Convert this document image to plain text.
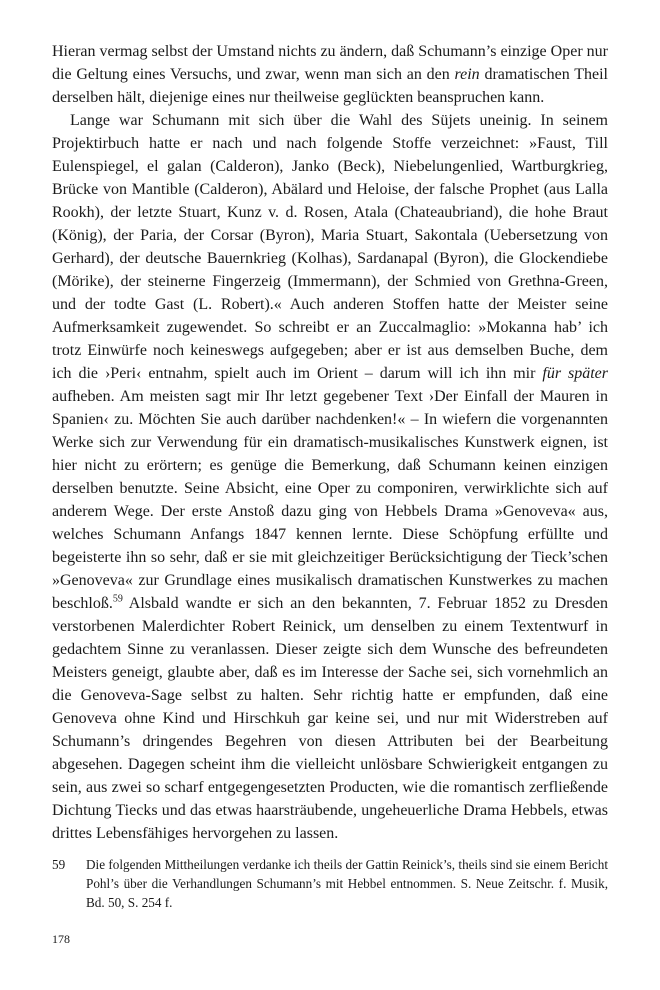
Hieran vermag selbst der Umstand nichts zu ändern, daß Schumann’s einzige Oper nur die Geltung eines Versuchs, und zwar, wenn man sich an den rein dramatischen Theil derselben hält, diejenige eines nur theilweise geglückten beanspruchen kann.

Lange war Schumann mit sich über die Wahl des Süjets uneinig. In seinem Projektirbuch hatte er nach und nach folgende Stoffe verzeichnet: »Faust, Till Eulenspiegel, el galan (Calderon), Janko (Beck), Niebelungenlied, Wartburgkrieg, Brücke von Mantible (Calderon), Abälard und Heloise, der falsche Prophet (aus Lalla Rookh), der letzte Stuart, Kunz v. d. Rosen, Atala (Chateaubriand), die hohe Braut (König), der Paria, der Corsar (Byron), Maria Stuart, Sakontala (Uebersetzung von Gerhard), der deutsche Bauernkrieg (Kolhas), Sardanapal (Byron), die Glockendiebe (Mörike), der steinerne Fingerzeig (Immermann), der Schmied von Grethna-Green, und der todte Gast (L. Robert).« Auch anderen Stoffen hatte der Meister seine Aufmerksamkeit zugewendet. So schreibt er an Zuccalmaglio: »Mokanna hab’ ich trotz Einwürfe noch keineswegs aufgegeben; aber er ist aus demselben Buche, dem ich die ›Peri‹ entnahm, spielt auch im Orient – darum will ich ihn mir für später aufheben. Am meisten sagt mir Ihr letzt gegebener Text ›Der Einfall der Mauren in Spanien‹ zu. Möchten Sie auch darüber nachdenken!« – In wiefern die vorgenannten Werke sich zur Verwendung für ein dramatisch-musikalisches Kunstwerk eignen, ist hier nicht zu erörtern; es genüge die Bemerkung, daß Schumann keinen einzigen derselben benutzte. Seine Absicht, eine Oper zu componiren, verwirklichte sich auf anderem Wege. Der erste Anstoß dazu ging von Hebbels Drama »Genoveva« aus, welches Schumann Anfangs 1847 kennen lernte. Diese Schöpfung erfüllte und begeisterte ihn so sehr, daß er sie mit gleichzeitiger Berücksichtigung der Tieck’schen »Genoveva« zur Grundlage eines musikalisch dramatischen Kunstwerkes zu machen beschloß.$^{59}$ Alsbald wandte er sich an den bekannten, 7. Februar 1852 zu Dresden verstorbenen Malerdichter Robert Reinick, um denselben zu einem Textentwurf in gedachtem Sinne zu veranlassen. Dieser zeigte sich dem Wunsche des befreundeten Meisters geneigt, glaubte aber, daß es im Interesse der Sache sei, sich vornehmlich an die Genoveva-Sage selbst zu halten. Sehr richtig hatte er empfunden, daß eine Genoveva ohne Kind und Hirschkuh gar keine sei, und nur mit Widerstreben auf Schumann’s dringendes Begehren von diesen Attributen bei der Bearbeitung abgesehen. Dagegen scheint ihm die vielleicht unlösbare Schwierigkeit entgangen zu sein, aus zwei so scharf entgegengesetzten Producten, wie die romantisch zerfließende Dichtung Tiecks und das etwas haarsträubende, ungeheuerliche Drama Hebbels, etwas drittes Lebensfähiges hervorgehen zu lassen.

59	Die folgenden Mittheilungen verdanke ich theils der Gattin Reinick’s, theils sind sie einem Bericht Pohl’s über die Verhandlungen Schumann’s mit Hebbel entnommen. S. Neue Zeitschr. f. Musik, Bd. 50, S. 254 f.
178
